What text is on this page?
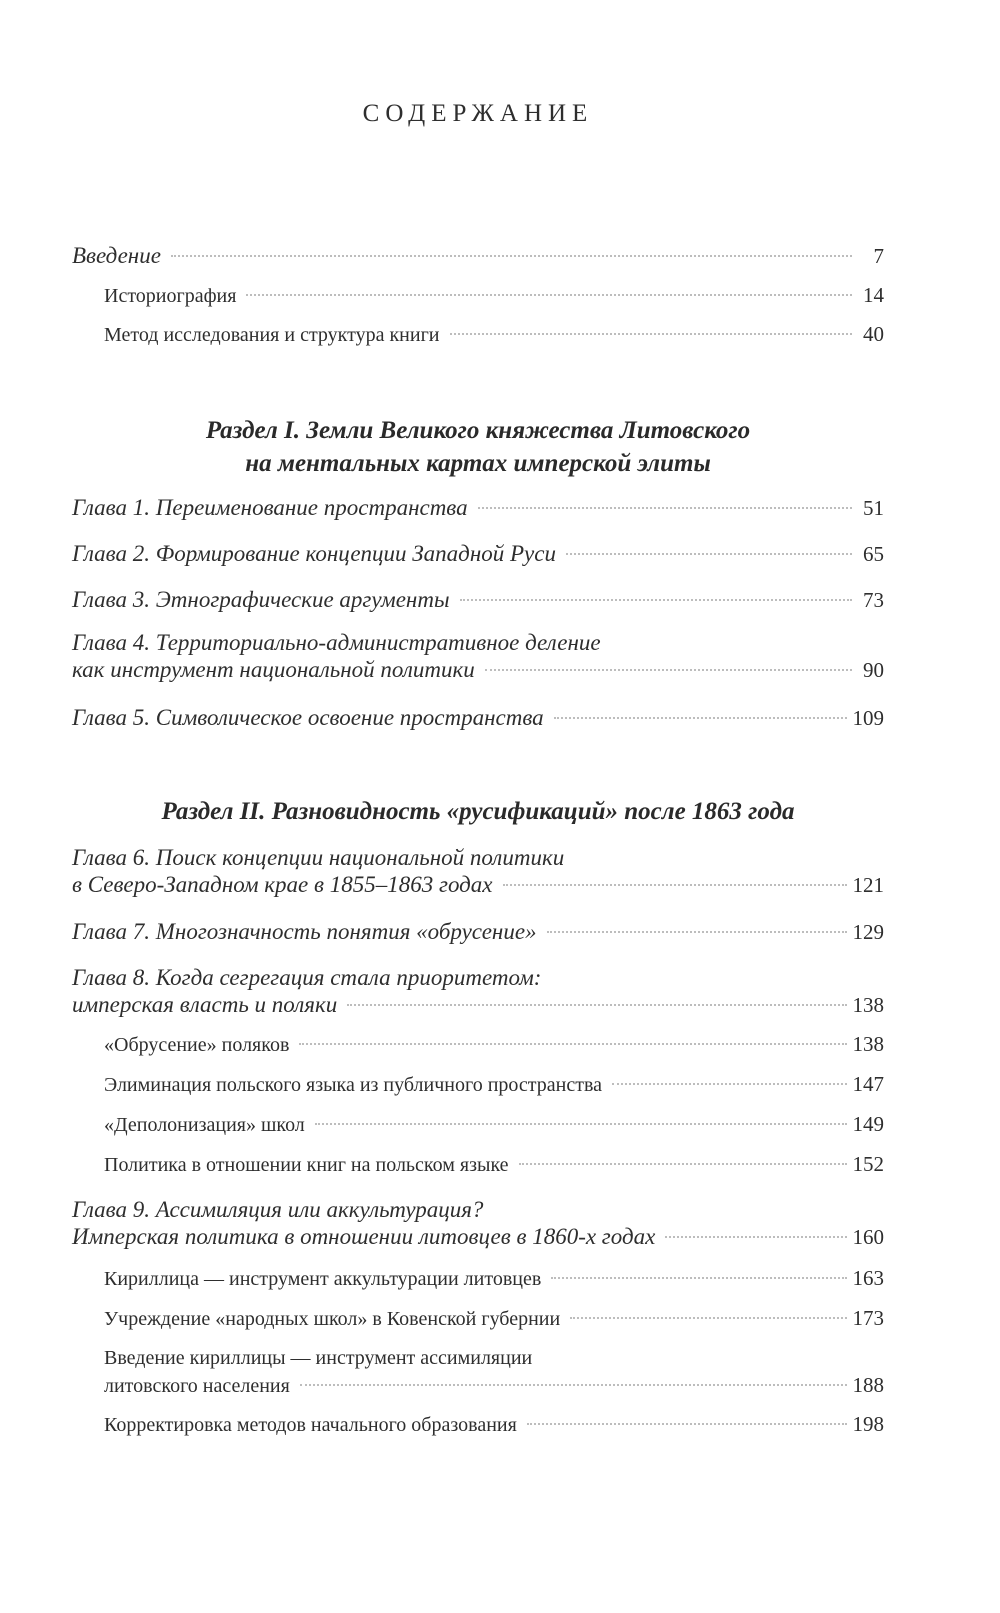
СОДЕРЖАНИЕ
Введение	7
Историография	14
Метод исследования и структура книги	40
Раздел I. Земли Великого княжества Литовского
на ментальных картах имперской элиты
Глава 1. Переименование пространства	51
Глава 2. Формирование концепции Западной Руси	65
Глава 3. Этнографические аргументы	73
Глава 4. Территориально-административное деление
как инструмент национальной политики	90
Глава 5. Символическое освоение пространства	109
Раздел II. Разновидность «русификаций» после 1863 года
Глава 6. Поиск концепции национальной политики
в Северо-Западном крае в 1855–1863 годах	121
Глава 7. Многозначность понятия «обрусение»	129
Глава 8. Когда сегрегация стала приоритетом:
имперская власть и поляки	138
«Обрусение» поляков	138
Элиминация польского языка из публичного пространства	147
«Деполонизация» школ	149
Политика в отношении книг на польском языке	152
Глава 9. Ассимиляция или аккультурация?
Имперская политика в отношении литовцев в 1860-х годах	160
Кириллица — инструмент аккультурации литовцев	163
Учреждение «народных школ» в Ковенской губернии	173
Введение кириллицы — инструмент ассимиляции
литовского населения	188
Корректировка методов начального образования	198
